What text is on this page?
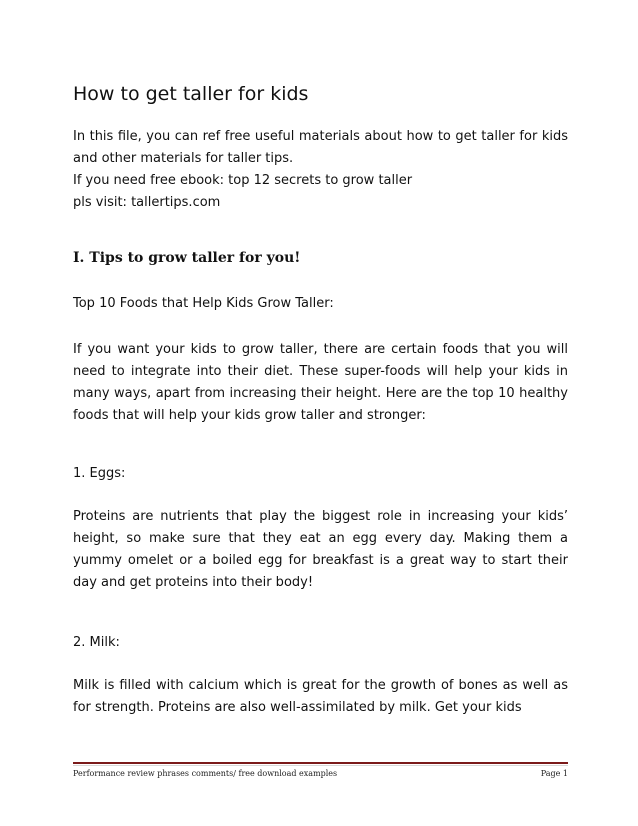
How to get taller for kids
In this file, you can ref free useful materials about how to get taller for kids and other materials for taller tips.
If you need free ebook: top 12 secrets to grow taller
pls visit: tallertips.com
I. Tips to grow taller for you!
Top 10 Foods that Help Kids Grow Taller:
If you want your kids to grow taller, there are certain foods that you will need to integrate into their diet. These super-foods will help your kids in many ways, apart from increasing their height. Here are the top 10 healthy foods that will help your kids grow taller and stronger:
1. Eggs:
Proteins are nutrients that play the biggest role in increasing your kids’ height, so make sure that they eat an egg every day. Making them a yummy omelet or a boiled egg for breakfast is a great way to start their day and get proteins into their body!
2. Milk:
Milk is filled with calcium which is great for the growth of bones as well as for strength. Proteins are also well-assimilated by milk. Get your kids
Performance review phrases comments/ free download examples	Page 1
